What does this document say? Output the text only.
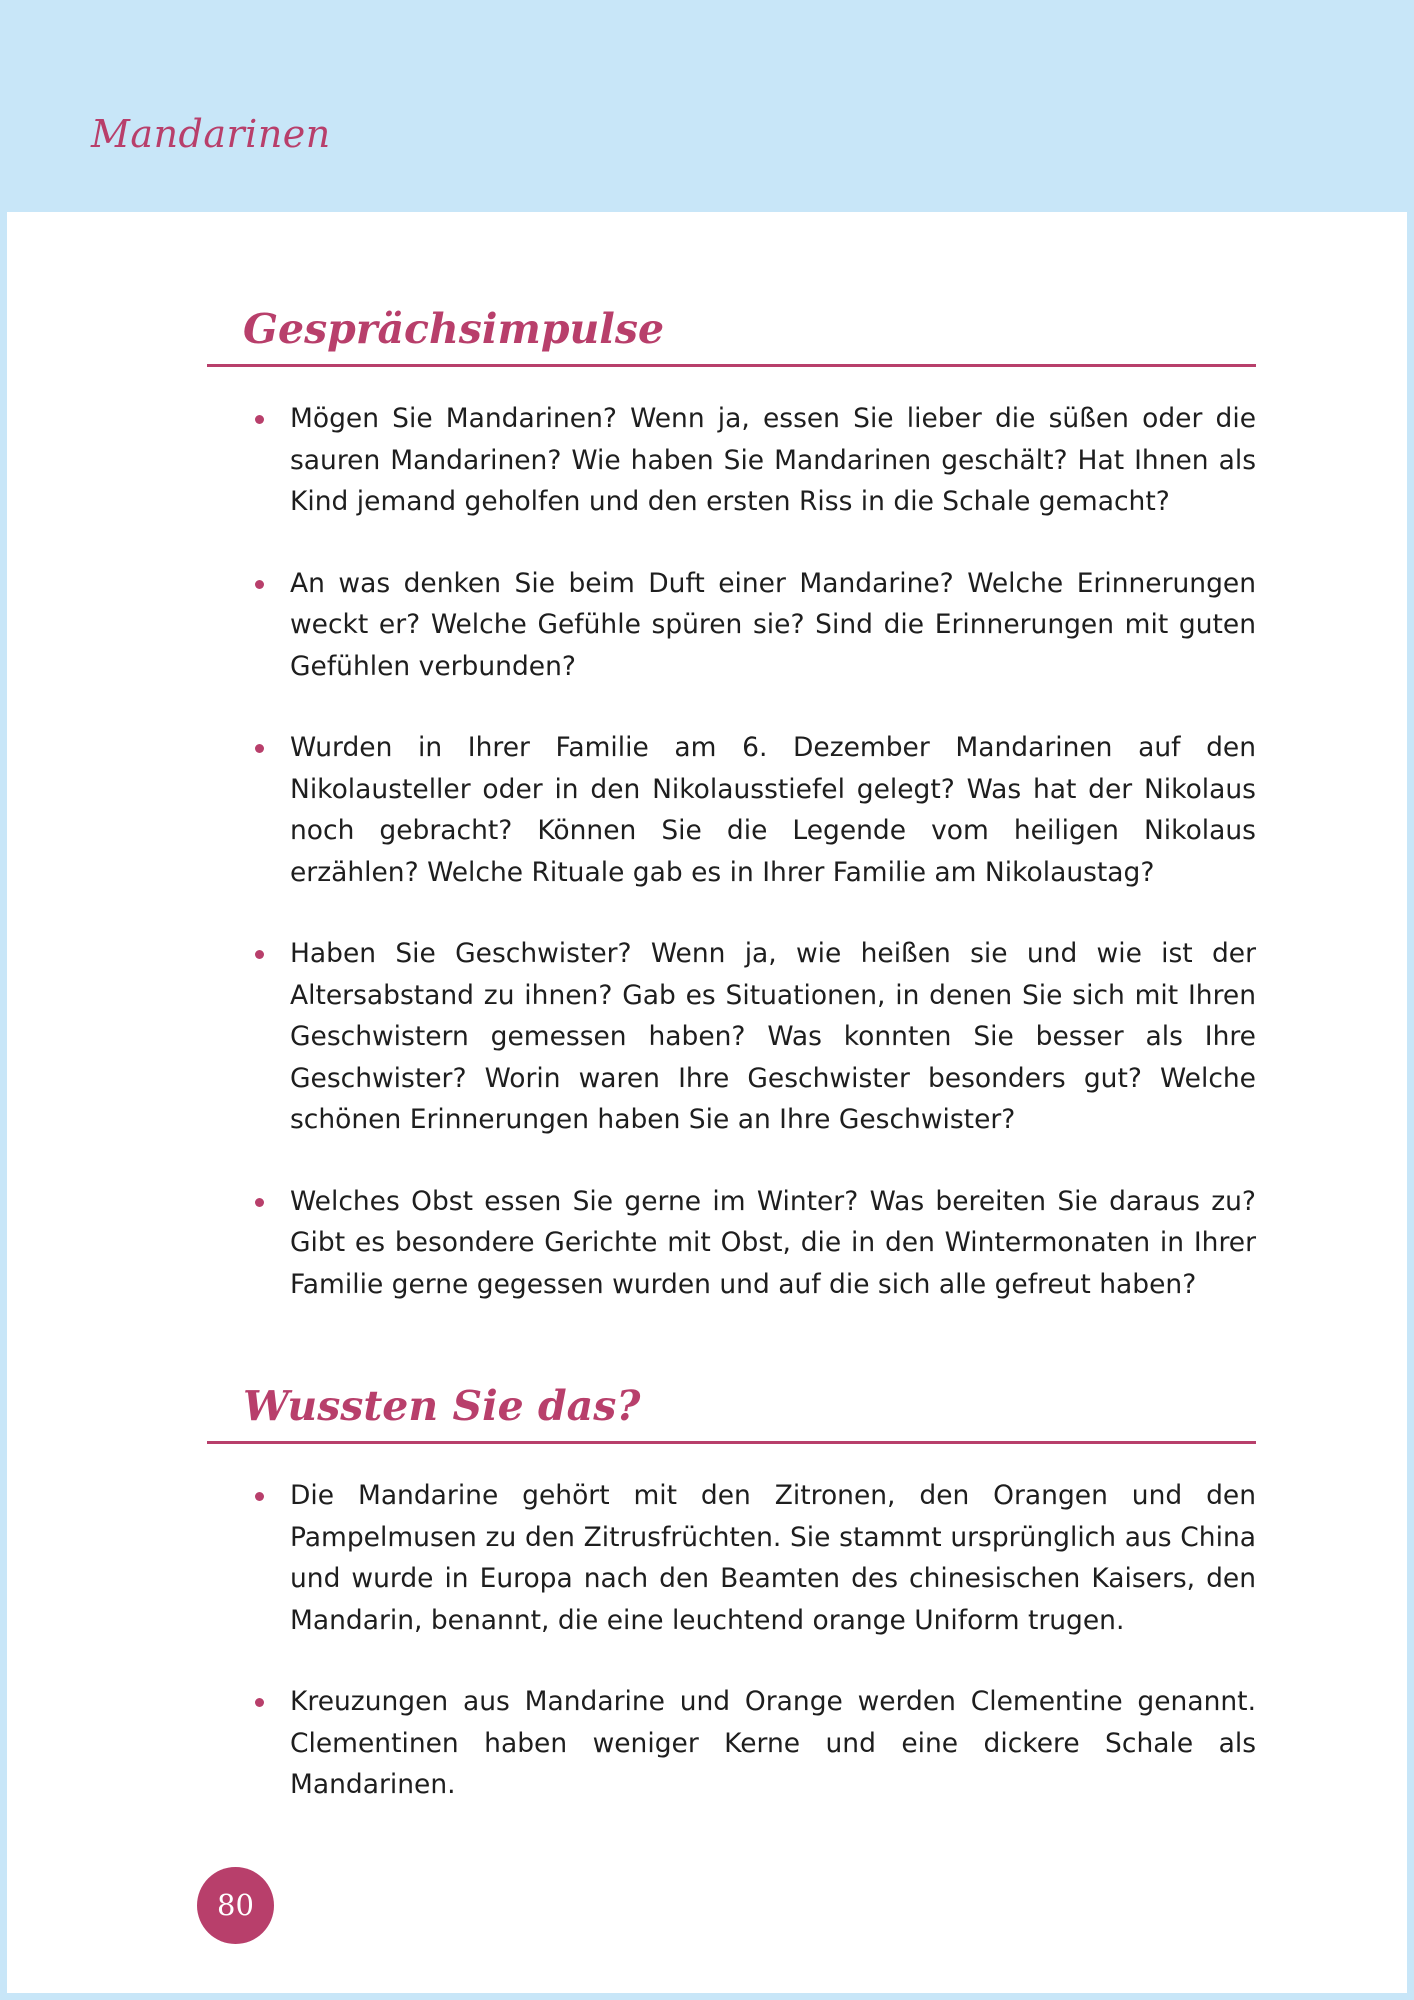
Mandarinen
Gesprächsimpulse
Mögen Sie Mandarinen? Wenn ja, essen Sie lieber die süßen oder die sauren Mandarinen? Wie haben Sie Mandarinen geschält? Hat Ihnen als Kind jemand geholfen und den ersten Riss in die Schale gemacht?
An was denken Sie beim Duft einer Mandarine? Welche Erinnerungen weckt er? Welche Gefühle spüren sie? Sind die Erinnerungen mit guten Gefühlen verbunden?
Wurden in Ihrer Familie am 6. Dezember Mandarinen auf den Nikolausteller oder in den Nikolausstiefel gelegt? Was hat der Nikolaus noch gebracht? Können Sie die Legende vom heiligen Nikolaus erzählen? Welche Rituale gab es in Ihrer Familie am Nikolaustag?
Haben Sie Geschwister? Wenn ja, wie heißen sie und wie ist der Altersabstand zu ihnen? Gab es Situationen, in denen Sie sich mit Ihren Geschwistern gemessen haben? Was konnten Sie besser als Ihre Geschwister? Worin waren Ihre Geschwister besonders gut? Welche schönen Erinnerungen haben Sie an Ihre Geschwister?
Welches Obst essen Sie gerne im Winter? Was bereiten Sie daraus zu? Gibt es besondere Gerichte mit Obst, die in den Wintermonaten in Ihrer Familie gerne gegessen wurden und auf die sich alle gefreut haben?
Wussten Sie das?
Die Mandarine gehört mit den Zitronen, den Orangen und den Pampelmusen zu den Zitrusfrüchten. Sie stammt ursprünglich aus China und wurde in Europa nach den Beamten des chinesischen Kaisers, den Mandarin, benannt, die eine leuchtend orange Uniform trugen.
Kreuzungen aus Mandarine und Orange werden Clementine genannt. Clementinen haben weniger Kerne und eine dickere Schale als Mandarinen.
80
